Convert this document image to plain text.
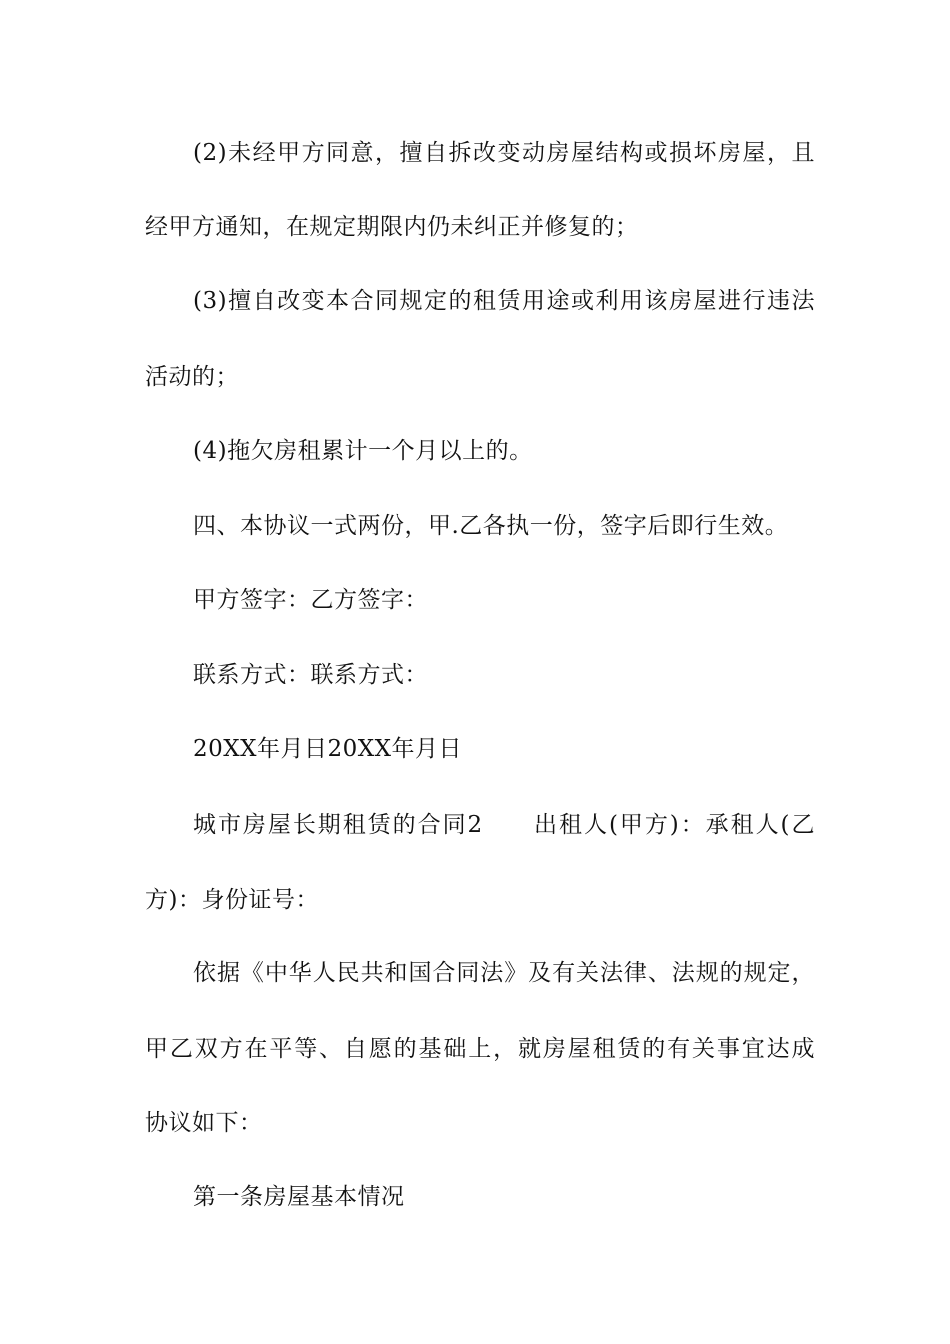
(2)未经甲方同意，擅自拆改变动房屋结构或损坏房屋，且
经甲方通知，在规定期限内仍未纠正并修复的；
(3)擅自改变本合同规定的租赁用途或利用该房屋进行违法
活动的；
(4)拖欠房租累计一个月以上的。
四、本协议一式两份，甲.乙各执一份，签字后即行生效。
甲方签字：乙方签字：
联系方式：联系方式：
20XX年月日20XX年月日
城市房屋长期租赁的合同2　　出租人(甲方)：承租人(乙
方)：身份证号：
依据《中华人民共和国合同法》及有关法律、法规的规定，
甲乙双方在平等、自愿的基础上，就房屋租赁的有关事宜达成
协议如下：
第一条房屋基本情况
